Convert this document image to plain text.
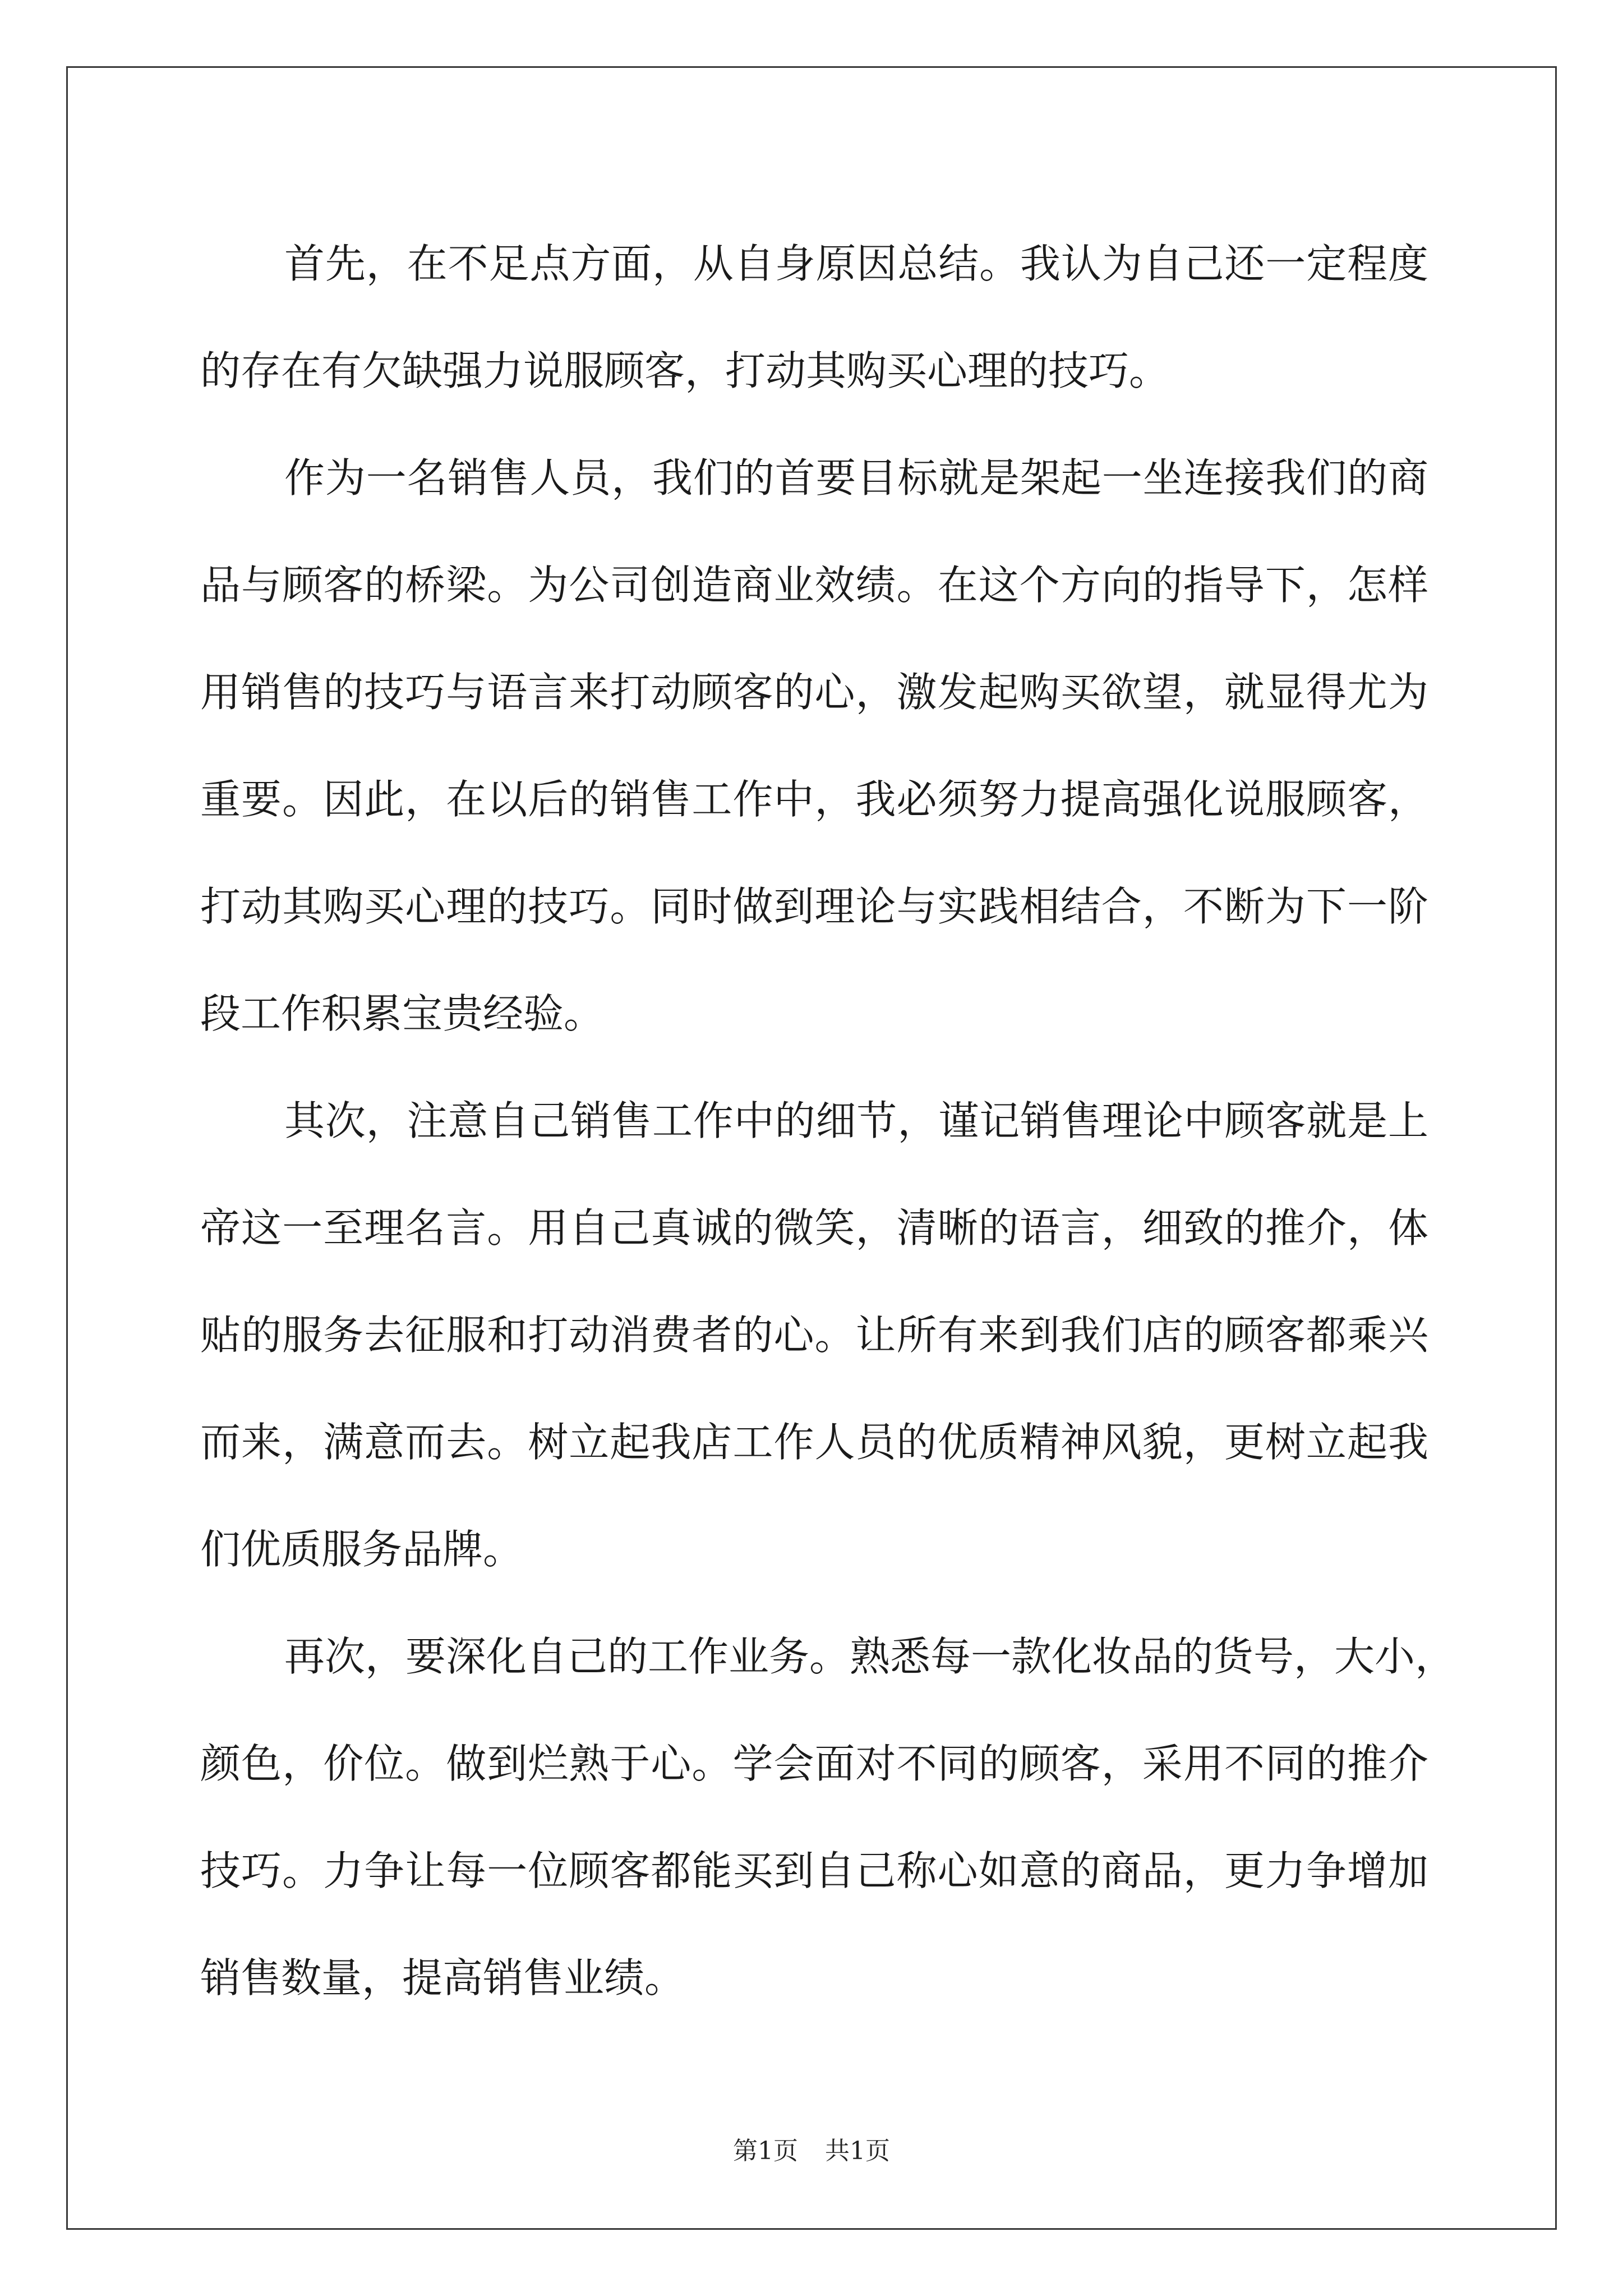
首先，在不足点方面，从自身原因总结。我认为自己还一定程度
的存在有欠缺强力说服顾客，打动其购买心理的技巧。
作为一名销售人员，我们的首要目标就是架起一坐连接我们的商
品与顾客的桥梁。为公司创造商业效绩。在这个方向的指导下，怎样
用销售的技巧与语言来打动顾客的心，激发起购买欲望，就显得尤为
重要。因此，在以后的销售工作中，我必须努力提高强化说服顾客，
打动其购买心理的技巧。同时做到理论与实践相结合，不断为下一阶
段工作积累宝贵经验。
其次，注意自己销售工作中的细节，谨记销售理论中顾客就是上
帝这一至理名言。用自己真诚的微笑，清晰的语言，细致的推介，体
贴的服务去征服和打动消费者的心。让所有来到我们店的顾客都乘兴
而来，满意而去。树立起我店工作人员的优质精神风貌，更树立起我
们优质服务品牌。
再次，要深化自己的工作业务。熟悉每一款化妆品的货号，大小，
颜色，价位。做到烂熟于心。学会面对不同的顾客，采用不同的推介
技巧。力争让每一位顾客都能买到自己称心如意的商品，更力争增加
销售数量，提高销售业绩。
第1页 共1页
